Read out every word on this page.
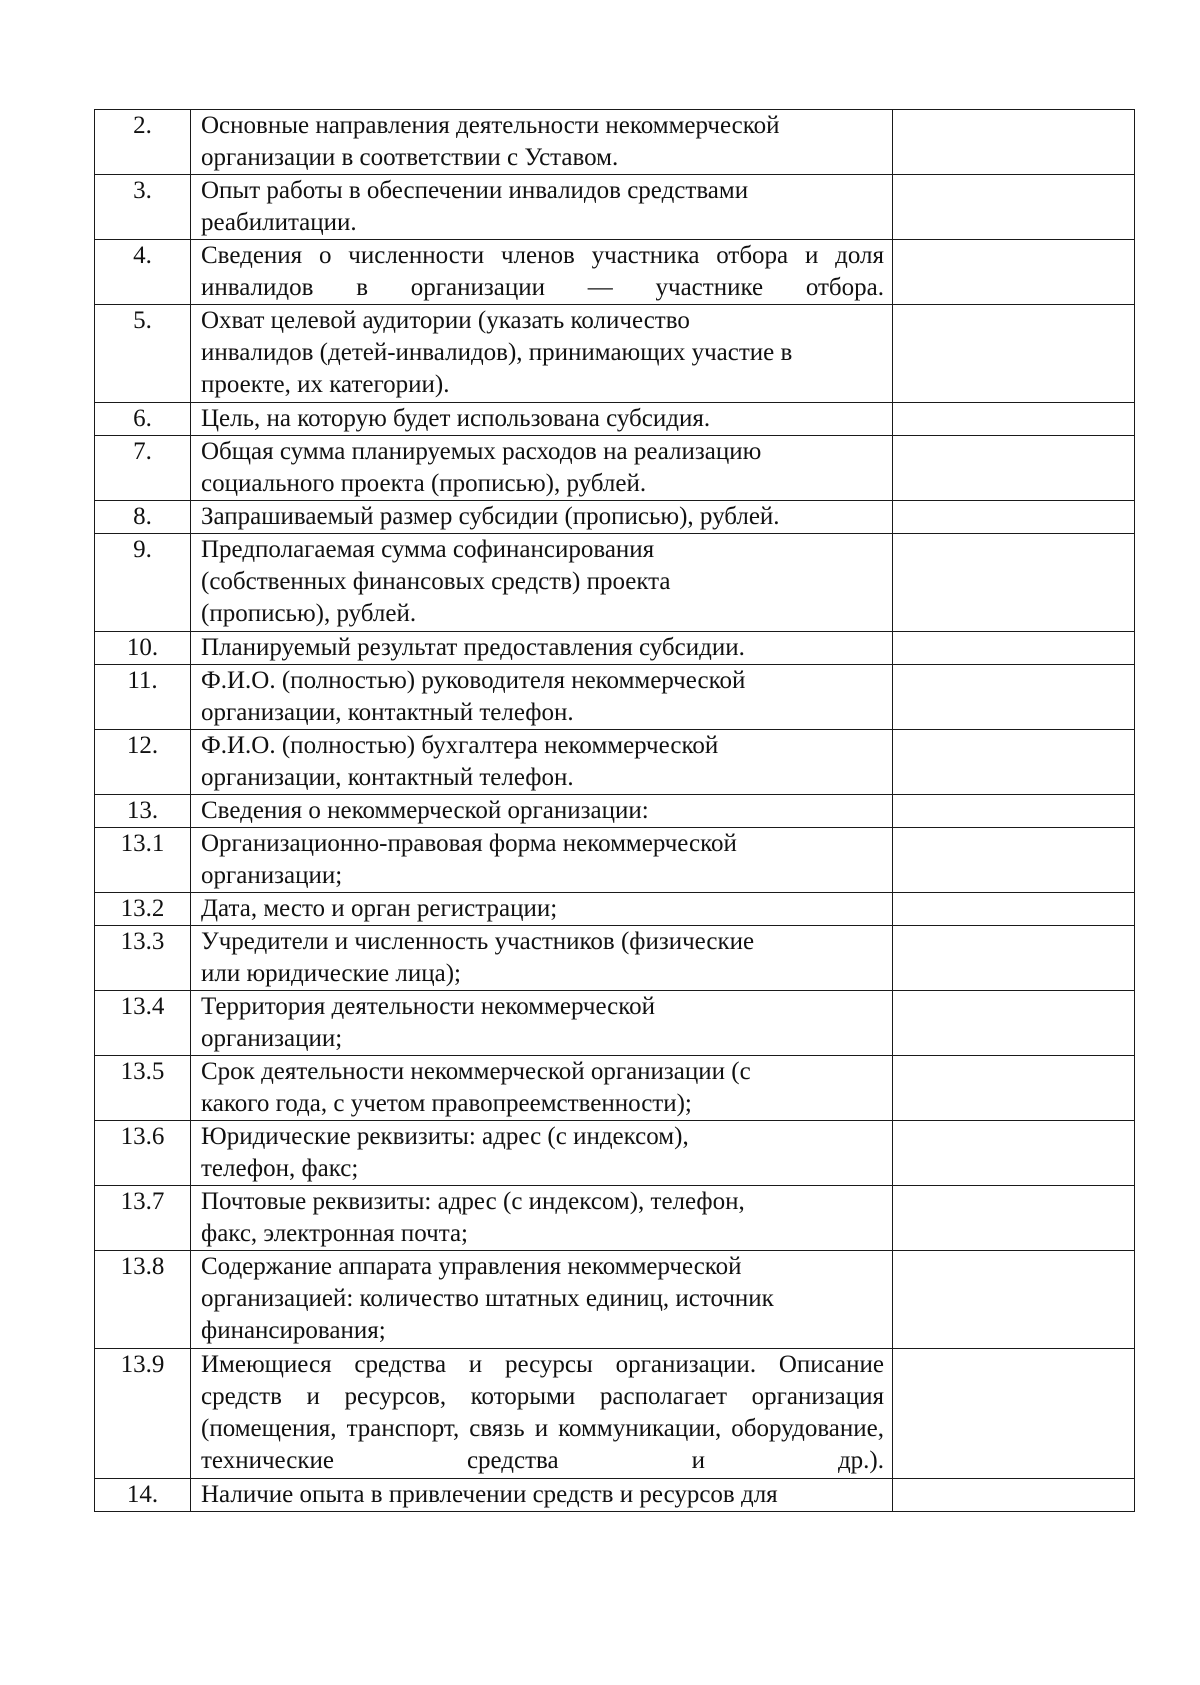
2.	Основные направления деятельности некоммерческой
организации в соответствии с Уставом.	
3.	Опыт работы в обеспечении инвалидов средствами
реабилитации.	
4.	Сведения о численности членов участника отбора и доля инвалидов в организации — участнике отбора.	
5.	Охват целевой аудитории (указать количество
инвалидов (детей-инвалидов), принимающих участие в
проекте, их категории).	
6.	Цель, на которую будет использована субсидия.	
7.	Общая сумма планируемых расходов на реализацию
социального проекта (прописью), рублей.	
8.	Запрашиваемый размер субсидии (прописью), рублей.	
9.	Предполагаемая сумма софинансирования
(собственных финансовых средств) проекта
(прописью), рублей.	
10.	Планируемый результат предоставления субсидии.	
11.	Ф.И.О. (полностью) руководителя некоммерческой
организации, контактный телефон.	
12.	Ф.И.О. (полностью) бухгалтера некоммерческой
организации, контактный телефон.	
13.	Сведения о некоммерческой организации:	
13.1	Организационно-правовая форма некоммерческой
организации;	
13.2	Дата, место и орган регистрации;	
13.3	Учредители и численность участников (физические
или юридические лица);	
13.4	Территория деятельности некоммерческой
организации;	
13.5	Срок деятельности некоммерческой организации (с
какого года, с учетом правопреемственности);	
13.6	Юридические реквизиты: адрес (с индексом),
телефон, факс;	
13.7	Почтовые реквизиты: адрес (с индексом), телефон,
факс, электронная почта;	
13.8	Содержание аппарата управления некоммерческой
организацией: количество штатных единиц, источник
финансирования;	
13.9	Имеющиеся средства и ресурсы организации. Описание средств и ресурсов, которыми располагает организация (помещения, транспорт, связь и коммуникации, оборудование, технические средства и др.).	
14.	Наличие опыта в привлечении средств и ресурсов для	
